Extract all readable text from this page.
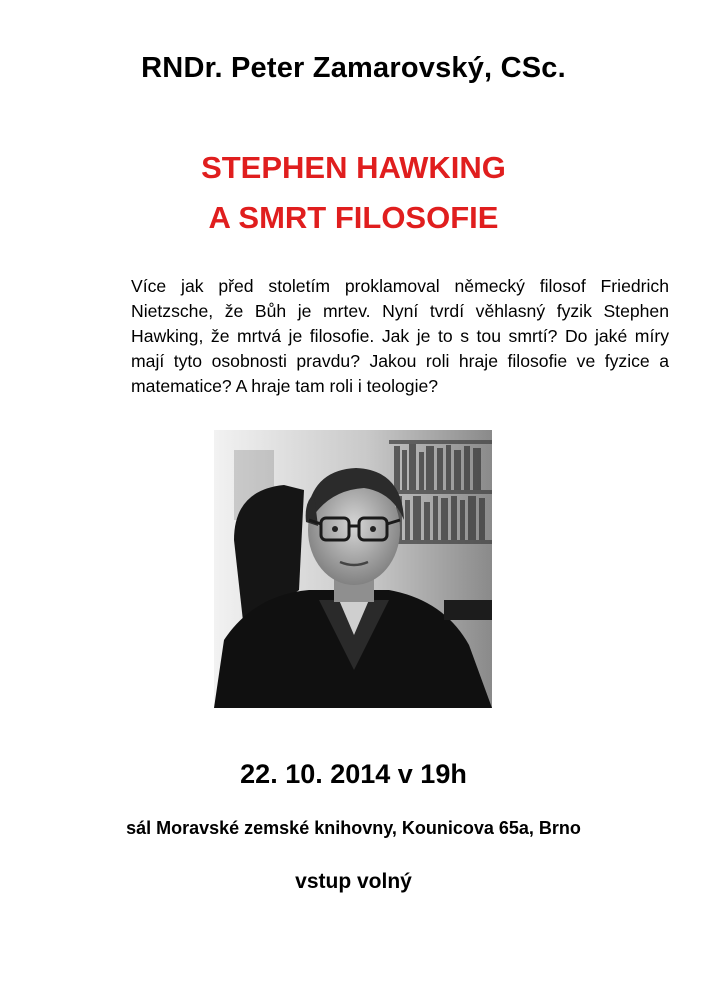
RNDr. Peter Zamarovský, CSc.
STEPHEN HAWKING
A SMRT FILOSOFIE
Více jak před stoletím proklamoval německý filosof Friedrich Nietzsche, že Bůh je mrtev. Nyní tvrdí věhlasný fyzik Stephen Hawking, že mrtvá je filosofie. Jak je to s tou smrtí? Do jaké míry mají tyto osobnosti pravdu? Jakou roli hraje filosofie ve fyzice a matematice? A hraje tam roli i teologie?
22. 10. 2014 v 19h
sál Moravské zemské knihovny, Kounicova 65a, Brno
vstup volný
